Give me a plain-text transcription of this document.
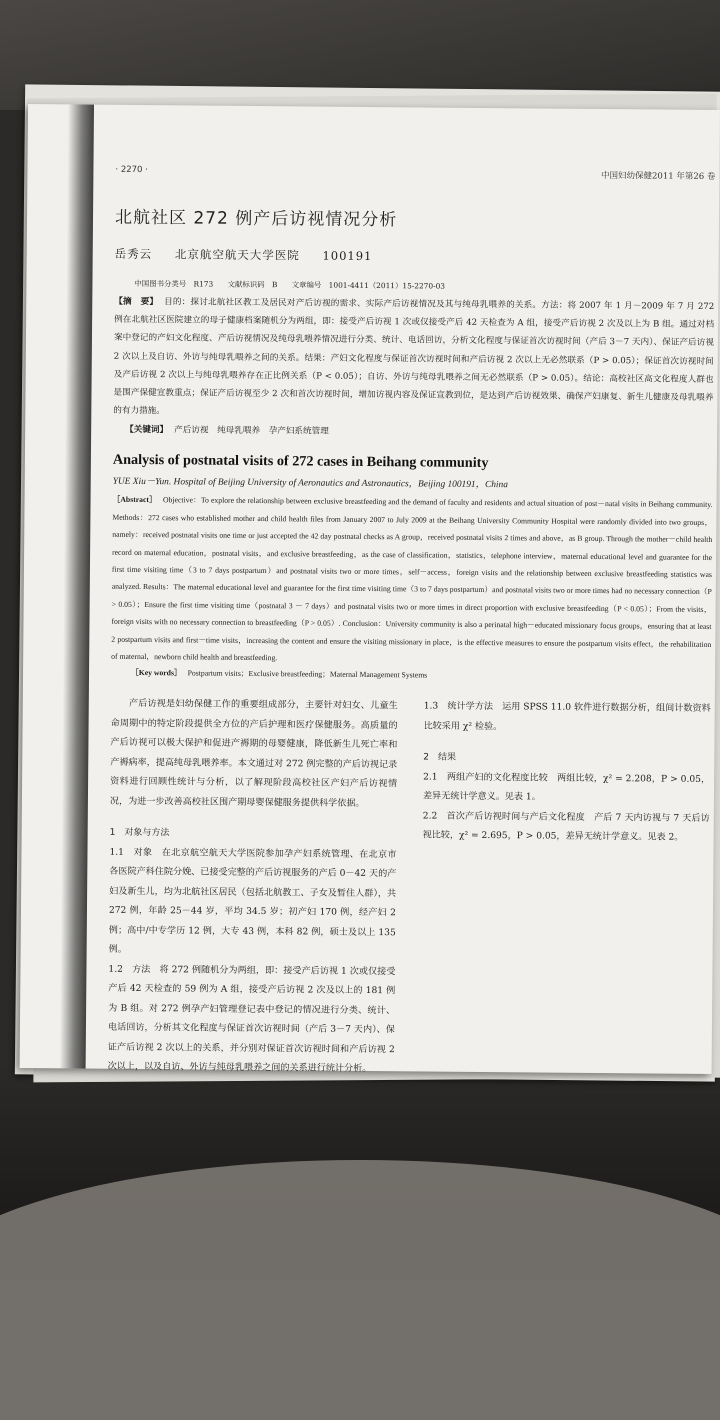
· 2270 ·
中国妇幼保健2011 年第26 卷
北航社区 272 例产后访视情况分析
岳秀云 北京航空航天大学医院 100191
中国图书分类号　R173 文献标识码　B 文章编号　1001-4411（2011）15-2270-03
【摘　要】 目的：探讨北航社区教工及居民对产后访视的需求、实际产后访视情况及其与纯母乳喂养的关系。方法：将 2007 年 1 月－2009 年 7 月 272 例在北航社区医院建立的母子健康档案随机分为两组，即：接受产后访视 1 次或仅接受产后 42 天检查为 A 组，接受产后访视 2 次及以上为 B 组。通过对档案中登记的产妇文化程度、产后访视情况及纯母乳喂养情况进行分类、统计、电话回访，分析文化程度与保证首次访视时间（产后 3－7 天内）、保证产后访视 2 次以上及自访、外访与纯母乳喂养之间的关系。结果：产妇文化程度与保证首次访视时间和产后访视 2 次以上无必然联系（P > 0.05）；保证首次访视时间及产后访视 2 次以上与纯母乳喂养存在正比例关系（P < 0.05）；自访、外访与纯母乳喂养之间无必然联系（P > 0.05）。结论：高校社区高文化程度人群也是围产保健宣教重点；保证产后访视至少 2 次和首次访视时间，增加访视内容及保证宣教到位，是达到产后访视效果、确保产妇康复、新生儿健康及母乳喂养的有力措施。
【关键词】 产后访视　纯母乳喂养　孕产妇系统管理
Analysis of postnatal visits of 272 cases in Beihang community
YUE Xiu－Yun. Hospital of Beijing University of Aeronautics and Astronautics，Beijing 100191，China
［Abstract］ Objective：To explore the relationship between exclusive breastfeeding and the demand of faculty and residents and actual situation of post－natal visits in Beihang community. Methods：272 cases who established mother and child health files from January 2007 to July 2009 at the Beihang University Community Hospital were randomly divided into two groups，namely：received postnatal visits one time or just accepted the 42 day postnatal checks as A group，received postnatal visits 2 times and above，as B group. Through the mother－child health record on maternal education，postnatal visits，and exclusive breastfeeding，as the case of classification，statistics，telephone interview，maternal educational level and guarantee for the first time visiting time（3 to 7 days postpartum）and postnatal visits two or more times，self－access，foreign visits and the relationship between exclusive breastfeeding statistics was analyzed. Results：The maternal educational level and guarantee for the first time visiting time（3 to 7 days postpartum）and postnatal visits two or more times had no necessary connection（P > 0.05）；Ensure the first time visiting time（postnatal 3 － 7 days）and postnatal visits two or more times in direct proportion with exclusive breastfeeding（P < 0.05）；From the visits，foreign visits with no necessary connection to breastfeeding（P > 0.05）. Conclusion：University community is also a perinatal high－educated missionary focus groups，ensuring that at least 2 postpartum visits and first－time visits，increasing the content and ensure the visiting missionary in place，is the effective measures to ensure the postpartum visits effect，the rehabilitation of maternal，newborn child health and breastfeeding.
［Key words］ Postpartum visits；Exclusive breastfeeding；Maternal Management Systems

产后访视是妇幼保健工作的重要组成部分，主要针对妇女、儿童生命周期中的特定阶段提供全方位的产后护理和医疗保健服务。高质量的产后访视可以极大保护和促进产褥期的母婴健康，降低新生儿死亡率和产褥病率，提高纯母乳喂养率。本文通过对 272 例完整的产后访视记录资料进行回顾性统计与分析，以了解现阶段高校社区产妇产后访视情况，为进一步改善高校社区围产期母婴保健服务提供科学依据。

1　对象与方法

1.1　对象　在北京航空航天大学医院参加孕产妇系统管理、在北京市各医院产科住院分娩、已接受完整的产后访视服务的产后 0－42 天的产妇及新生儿，均为北航社区居民（包括北航教工、子女及暂住人群），共 272 例，年龄 25－44 岁，平均 34.5 岁；初产妇 170 例，经产妇 2 例；高中/中专学历 12 例，大专 43 例，本科 82 例，硕士及以上 135 例。

1.2　方法　将 272 例随机分为两组，即：接受产后访视 1 次或仅接受产后 42 天检查的 59 例为 A 组，接受产后访视 2 次及以上的 181 例为 B 组。对 272 例孕产妇管理登记表中登记的情况进行分类、统计、电话回访，分析其文化程度与保证首次访视时间（产后 3－7 天内）、保证产后访视 2 次以上的关系，并分别对保证首次访视时间和产后访视 2 次以上，以及自访、外访与纯母乳喂养之间的关系进行统计分析。

1.3　统计学方法　运用 SPSS 11.0 软件进行数据分析，组间计数资料比较采用 χ² 检验。

2　结果

2.1　两组产妇的文化程度比较　两组比较，χ² = 2.208，P > 0.05，差异无统计学意义。见表 1。

2.2　首次产后访视时间与产后文化程度　产后 7 天内访视与 7 天后访视比较，χ² = 2.695，P > 0.05，差异无统计学意义。见表 2。
